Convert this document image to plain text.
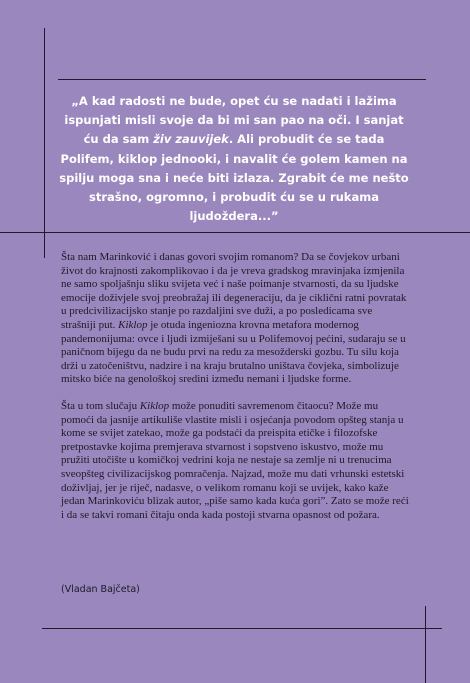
„A kad radosti ne bude, opet ću se nadati i lažima ispunjati misli svoje da bi mi san pao na oči. I sanjat ću da sam živ zauvijek. Ali probudit će se tada Polifem, kiklop jednooki, i navalit će golem kamen na spilju moga sna i neće biti izlaza. Zgrabit će me nešto strašno, ogromno, i probudit ću se u rukama ljudoždera...”

Šta nam Marinković i danas govori svojim romanom? Da se čovjekov urbani život do krajnosti zakomplikovao i da je vreva gradskog mravinjaka izmjenila ne samo spoljašnju sliku svijeta već i naše poimanje stvarnosti, da su ljudske emocije doživjele svoj preobražaj ili degeneraciju, da je ciklični ratni povratak u predcivilizacijsko stanje po razdaljini sve duži, a po posledicama sve strašniji put. Kiklop je otuda ingeniozna krovna metafora modernog pandemonijuma: ovce i ljudi izmiješani su u Polifemovoj pećini, sudaraju se u paničnom bijegu da ne budu prvi na redu za mesožderski gozbu. Tu silu koja drži u zatočeništvu, nadzire i na kraju brutalno uništava čovjeka, simbolizuje mitsko biće na genološkoj sredini između nemani i ljudske forme.

Šta u tom slučaju Kiklop može ponuditi savremenom čitaocu? Može mu pomoći da jasnije artikuliše vlastite misli i osjećanja povodom opšteg stanja u kome se svijet zatekao, može ga podstaći da preispita etičke i filozofske pretpostavke kojima premjerava stvarnost i sopstveno iskustvo, može mu pružiti utočište u komičkoj vedrini koja ne nestaje sa zemlje ni u trenucima sveopšteg civilizacijskog pomračenja. Najzad, može mu dati vrhunski estetski doživljaj, jer je riječ, nadasve, o velikom romanu koji se uvijek, kako kaže jedan Marinkoviću blizak autor, „piše samo kada kuća gori”. Zato se može reći i da se takvi romani čitaju onda kada postoji stvarna opasnost od požara.

(Vladan Bajčeta)
